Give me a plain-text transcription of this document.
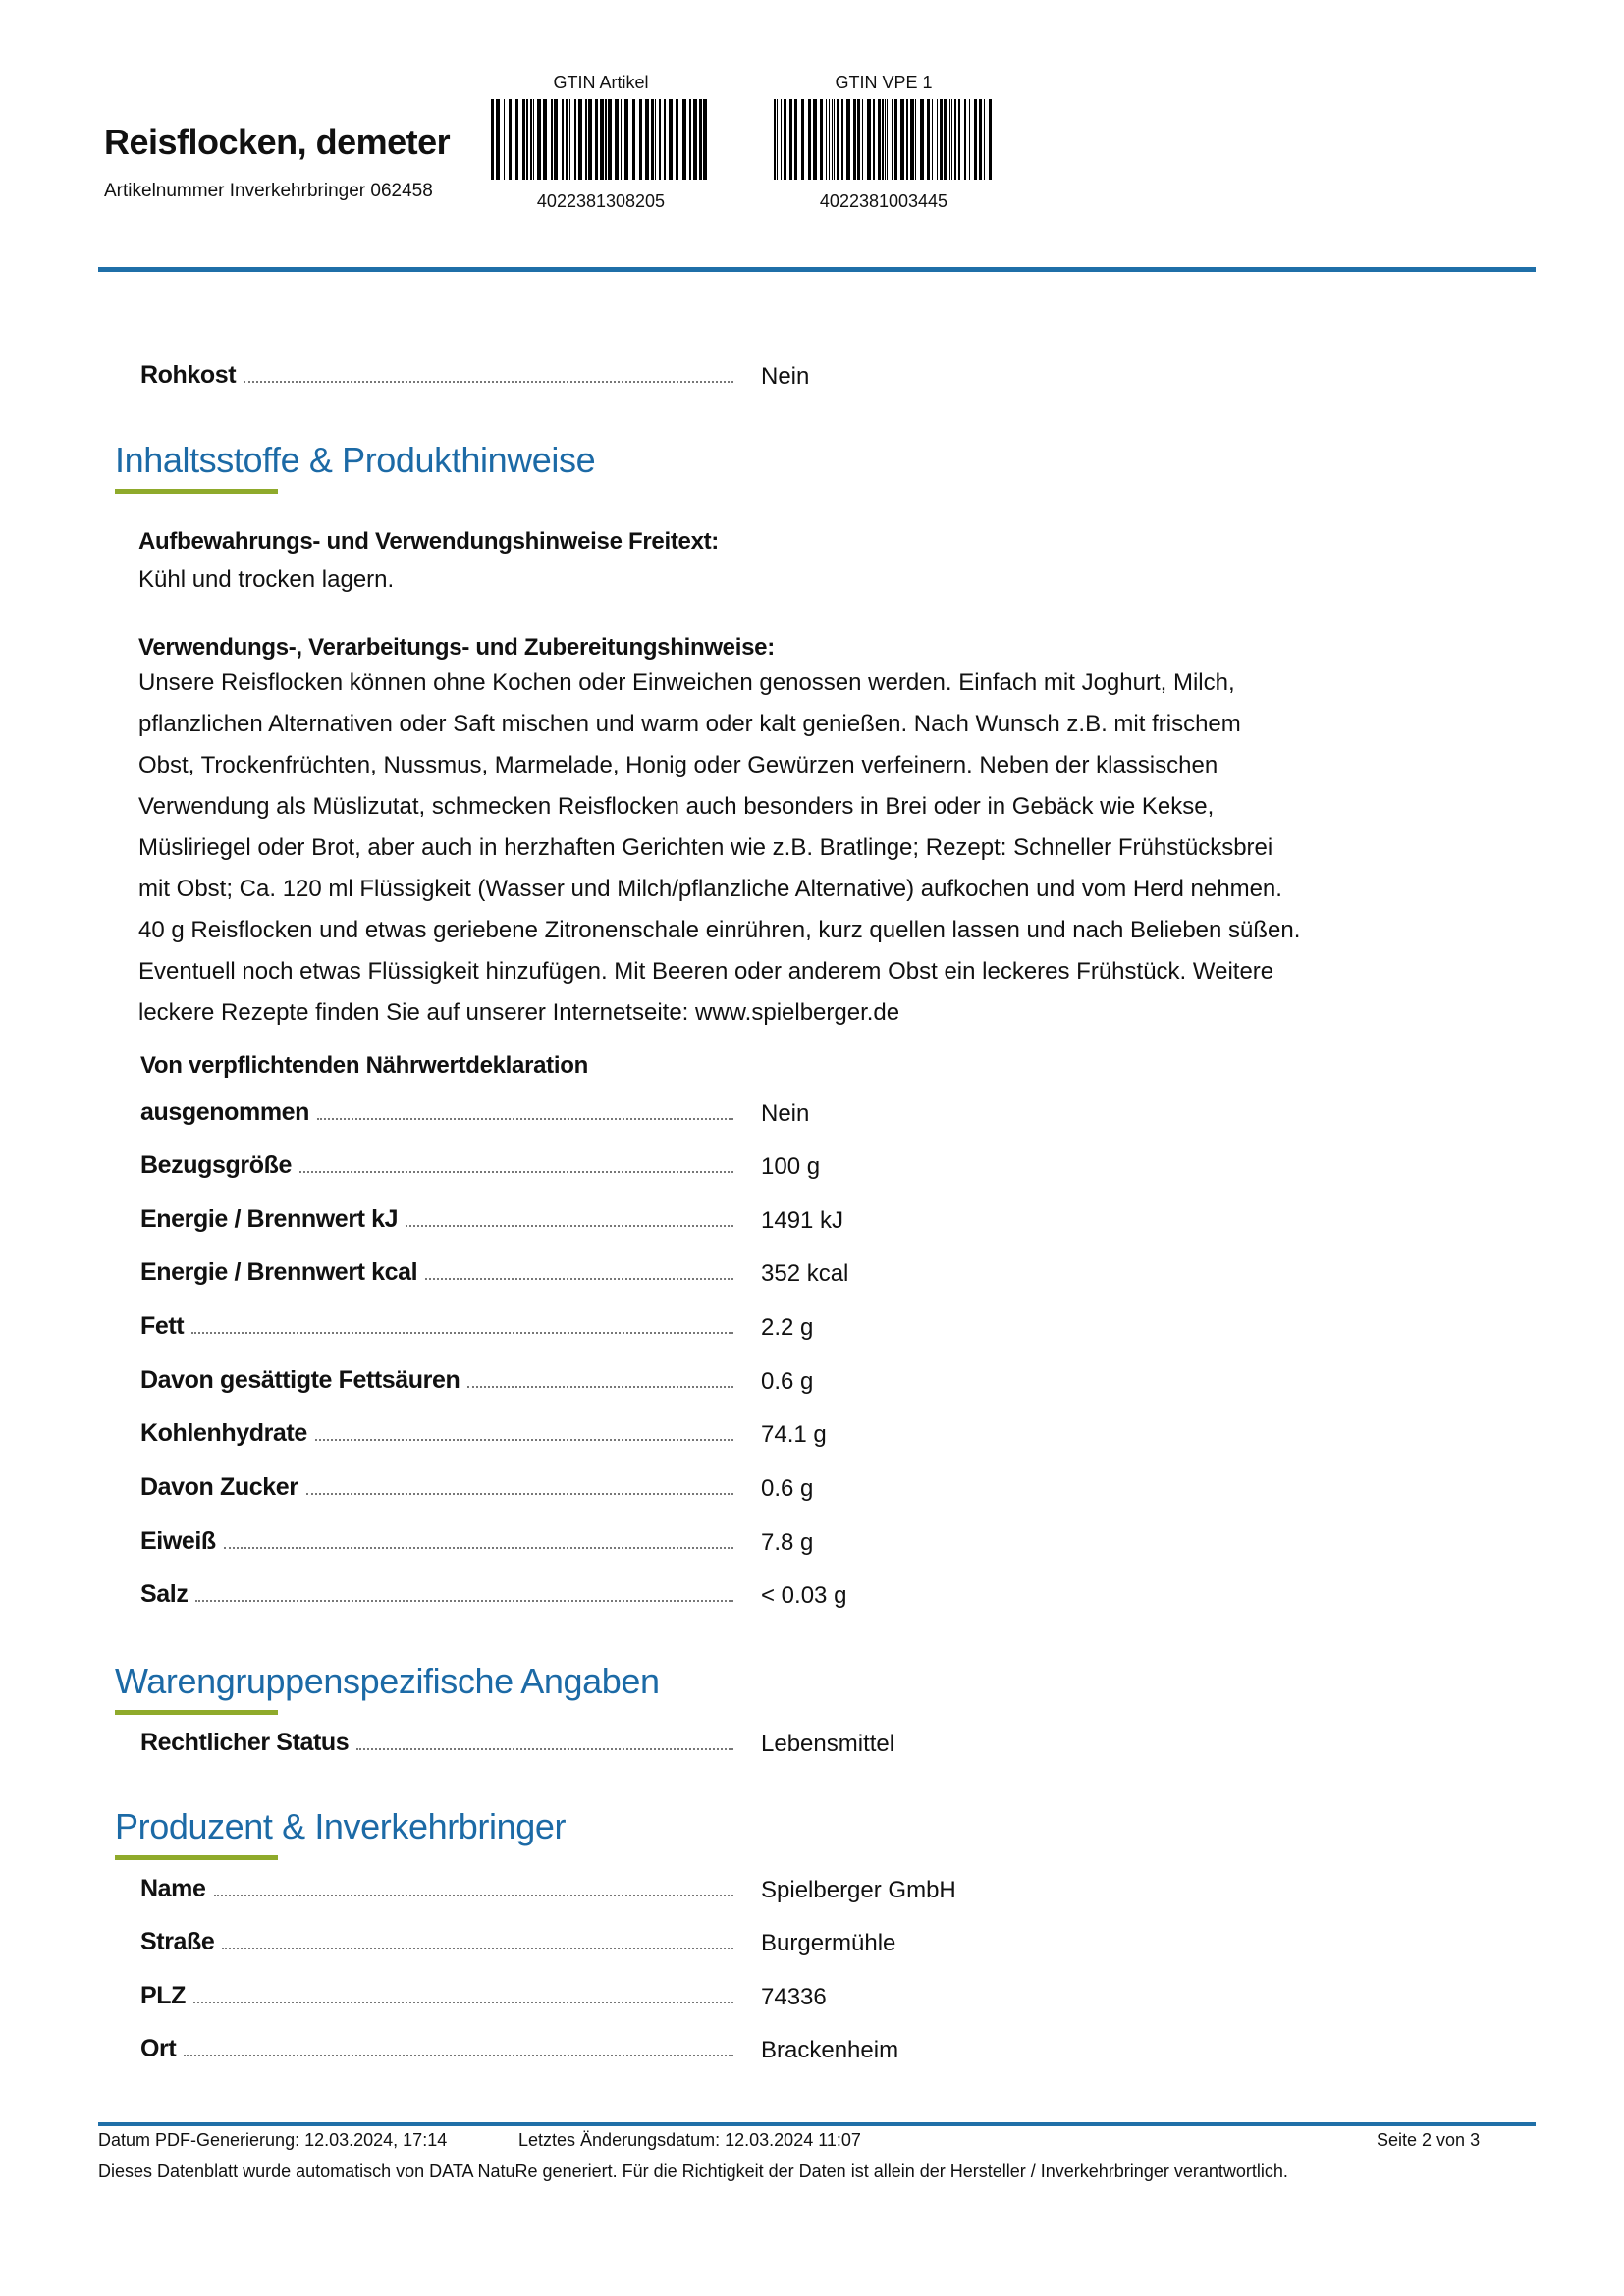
Reisflocken, demeter
Artikelnummer Inverkehrbringer 062458
GTIN Artikel
4022381308205
GTIN VPE 1
4022381003445
Rohkost	Nein
Inhaltsstoffe & Produkthinweise
Aufbewahrungs- und Verwendungshinweise Freitext:
Kühl und trocken lagern.
Verwendungs-, Verarbeitungs- und Zubereitungshinweise:
Unsere Reisflocken können ohne Kochen oder Einweichen genossen werden. Einfach mit Joghurt, Milch,
pflanzlichen Alternativen oder Saft mischen und warm oder kalt genießen. Nach Wunsch z.B. mit frischem
Obst, Trockenfrüchten, Nussmus, Marmelade, Honig oder Gewürzen verfeinern. Neben der klassischen
Verwendung als Müslizutat, schmecken Reisflocken auch besonders in Brei oder in Gebäck wie Kekse,
Müsliriegel oder Brot, aber auch in herzhaften Gerichten wie z.B. Bratlinge; Rezept: Schneller Frühstücksbrei
mit Obst; Ca. 120 ml Flüssigkeit (Wasser und Milch/pflanzliche Alternative) aufkochen und vom Herd nehmen.
40 g Reisflocken und etwas geriebene Zitronenschale einrühren, kurz quellen lassen und nach Belieben süßen.
Eventuell noch etwas Flüssigkeit hinzufügen. Mit Beeren oder anderem Obst ein leckeres Frühstück. Weitere
leckere Rezepte finden Sie auf unserer Internetseite: www.spielberger.de
Von verpflichtenden Nährwertdeklaration
ausgenommen	Nein
Bezugsgröße	100 g
Energie / Brennwert kJ	1491 kJ
Energie / Brennwert kcal	352 kcal
Fett	2.2 g
Davon gesättigte Fettsäuren	0.6 g
Kohlenhydrate	74.1 g
Davon Zucker	0.6 g
Eiweiß	7.8 g
Salz	< 0.03 g
Warengruppenspezifische Angaben
Rechtlicher Status	Lebensmittel
Produzent & Inverkehrbringer
Name	Spielberger GmbH
Straße	Burgermühle
PLZ	74336
Ort	Brackenheim
Datum PDF-Generierung: 12.03.2024, 17:14	Letztes Änderungsdatum: 12.03.2024 11:07	Seite 2 von 3
Dieses Datenblatt wurde automatisch von DATA NatuRe generiert. Für die Richtigkeit der Daten ist allein der Hersteller / Inverkehrbringer verantwortlich.
